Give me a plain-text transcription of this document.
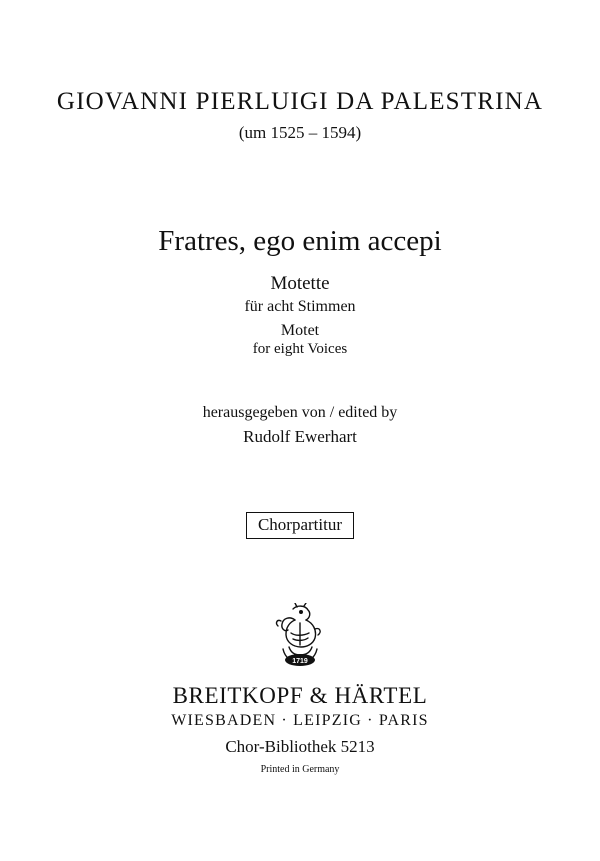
GIOVANNI PIERLUIGI DA PALESTRINA
(um 1525 – 1594)
Fratres, ego enim accepi
Motette
für acht Stimmen
Motet
for eight Voices
herausgegeben von / edited by
Rudolf Ewerhart
Chorpartitur
1719
BREITKOPF & HÄRTEL
WIESBADEN · LEIPZIG · PARIS
Chor-Bibliothek 5213
Printed in Germany
